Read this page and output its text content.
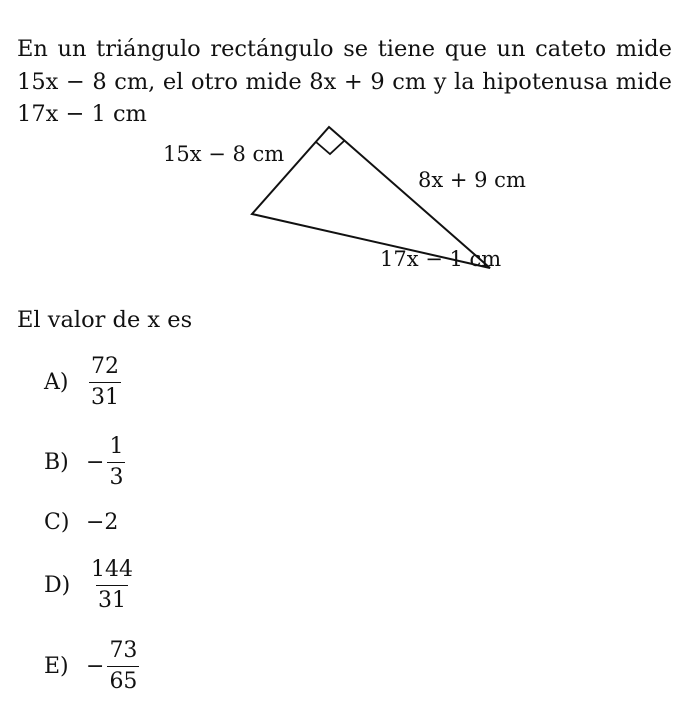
En un triángulo rectángulo se tiene que un cateto mide
15x − 8 cm, el otro mide 8x + 9 cm y la hipotenusa mide
17x − 1 cm
15x − 8 cm
8x + 9 cm
17x − 1 cm
El valor de x es
$A) \frac{72}{31}$
$B) - \frac{1}{3}$
C) −2
$D) \frac{144}{31}$
$E) - \frac{73}{65}$
